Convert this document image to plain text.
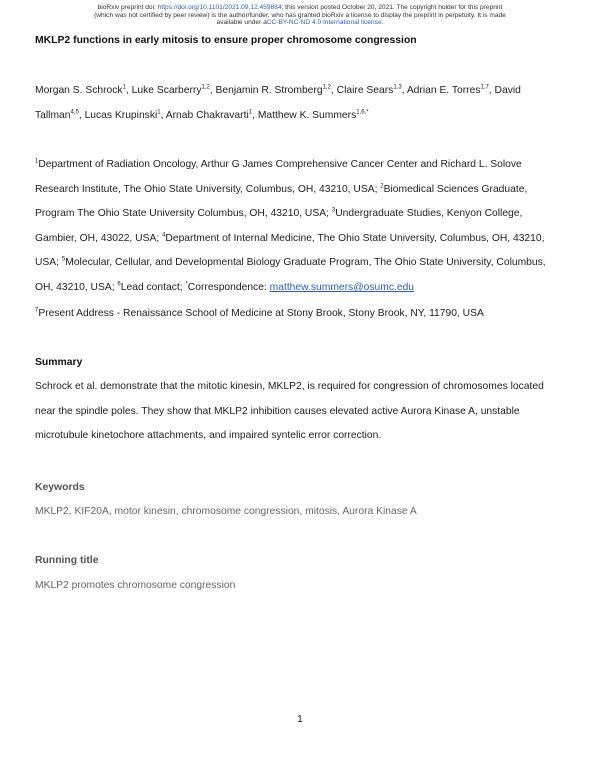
bioRxiv preprint doi: https://doi.org/10.1101/2021.09.12.459884; this version posted October 20, 2021. The copyright holder for this preprint
(which was not certified by peer review) is the author/funder, who has granted bioRxiv a license to display the preprint in perpetuity. It is made
available under aCC-BY-NC-ND 4.0 International license.
MKLP2 functions in early mitosis to ensure proper chromosome congression
Morgan S. Schrock$^1$, Luke Scarberry$^{1,2}$, Benjamin R. Stromberg$^{1,2}$, Claire Sears$^{1,3}$, Adrian E. Torres$^{1,7}$, David Tallman$^{4,5}$, Lucas Krupinski$^1$, Arnab Chakravarti$^1$, Matthew K. Summers$^{1,6,*}$
$^1$Department of Radiation Oncology, Arthur G James Comprehensive Cancer Center and Richard L. Solove Research Institute, The Ohio State University, Columbus, OH, 43210, USA; $^2$Biomedical Sciences Graduate, Program The Ohio State University Columbus, OH, 43210, USA; $^3$Undergraduate Studies, Kenyon College, Gambier, OH, 43022, USA; $^4$Department of Internal Medicine, The Ohio State University, Columbus, OH, 43210, USA; $^5$Molecular, Cellular, and Developmental Biology Graduate Program, The Ohio State University, Columbus, OH, 43210, USA; $^6$Lead contact; *Correspondence: matthew.summers@osumc.edu
$^7$Present Address - Renaissance School of Medicine at Stony Brook, Stony Brook, NY, 11790, USA
Summary
Schrock et al. demonstrate that the mitotic kinesin, MKLP2, is required for congression of chromosomes located near the spindle poles. They show that MKLP2 inhibition causes elevated active Aurora Kinase A, unstable microtubule kinetochore attachments, and impaired syntelic error correction.
Keywords
MKLP2, KIF20A, motor kinesin, chromosome congression, mitosis, Aurora Kinase A
Running title
MKLP2 promotes chromosome congression
1
